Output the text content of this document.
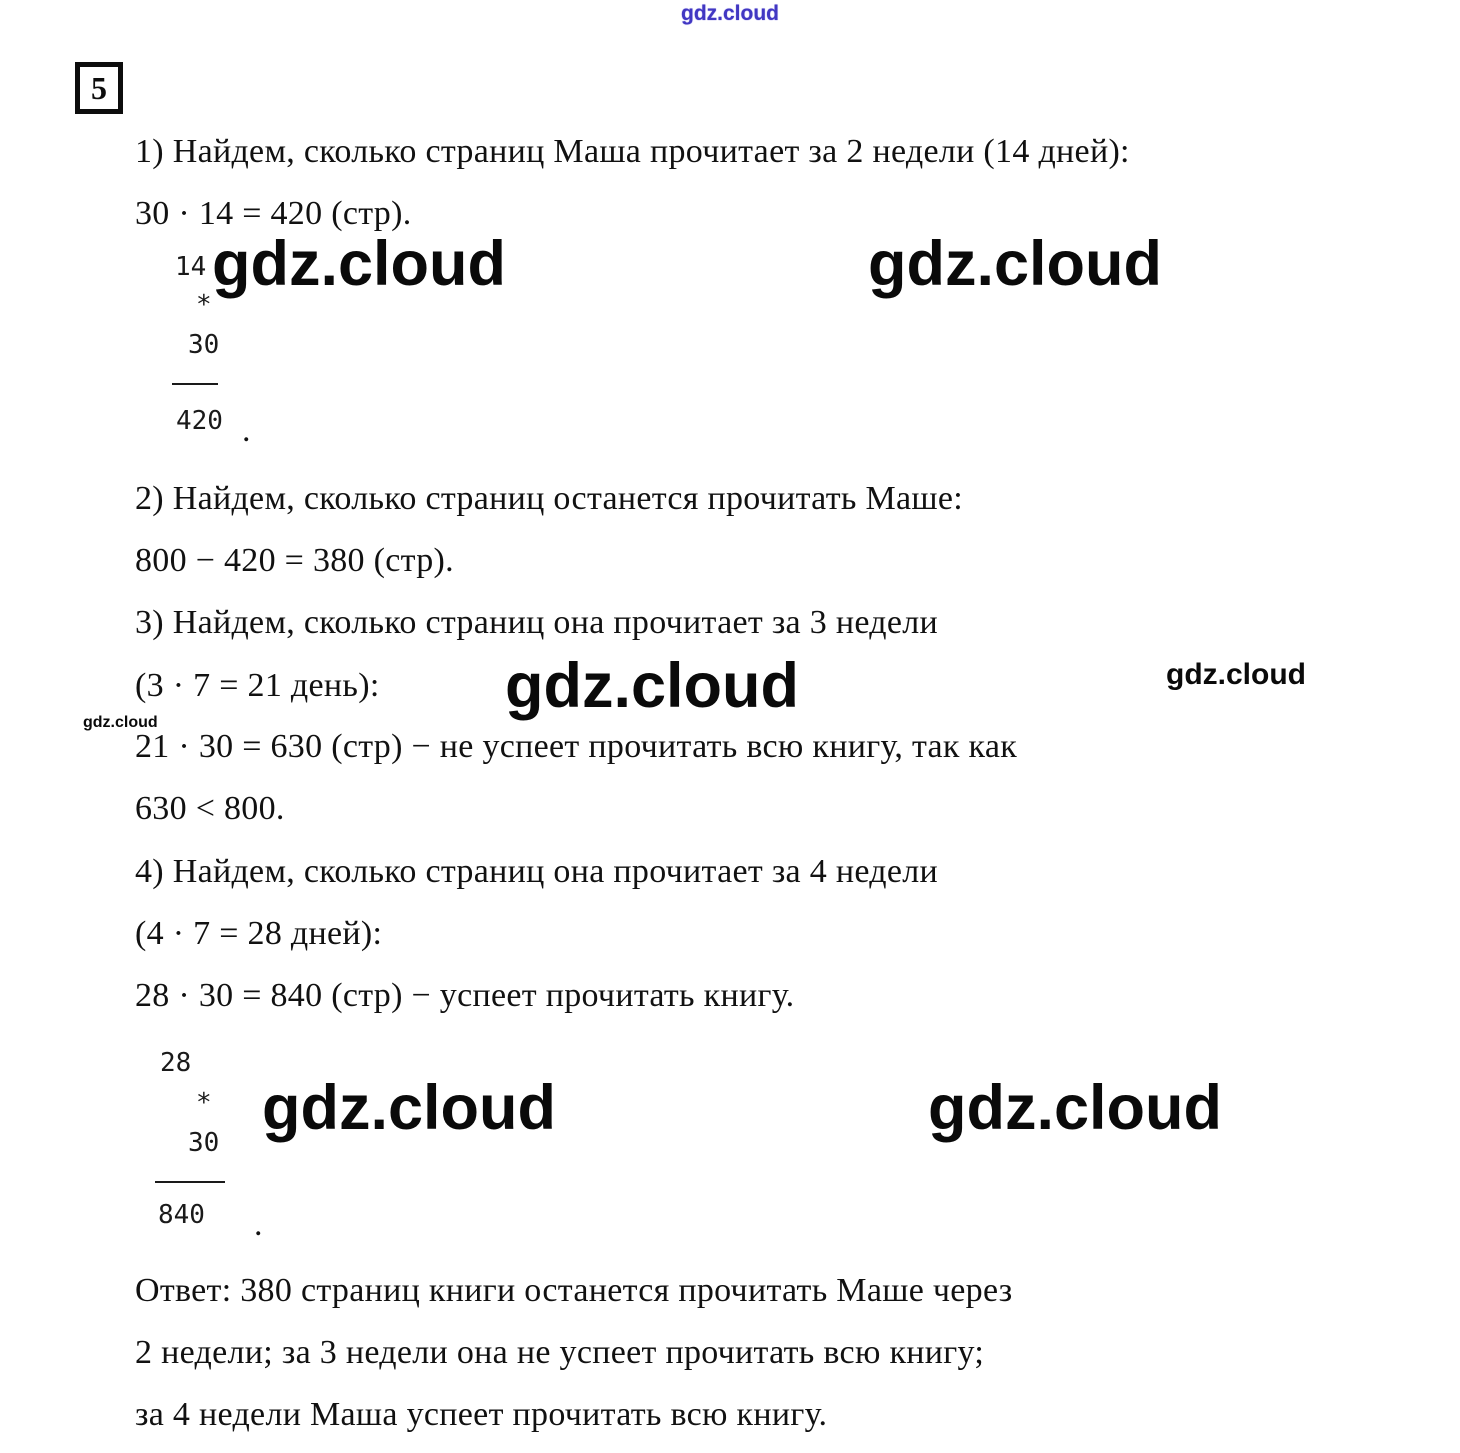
gdz.cloud
5
1) Найдем, сколько страниц Маша прочитает за 2 недели (14 дней):
30 · 14 = 420 (стр).
2) Найдем, сколько страниц останется прочитать Маше:
800 − 420 = 380 (стр).
3) Найдем, сколько страниц она прочитает за 3 недели
(3 · 7 = 21 день):
21 · 30 = 630 (стр) − не успеет прочитать всю книгу, так как
630 < 800.
4) Найдем, сколько страниц она прочитает за 4 недели
(4 · 7 = 28 дней):
28 · 30 = 840 (стр) − успеет прочитать книгу.
14
*
30
420 .
28
*
30
840 .
Ответ: 380 страниц книги останется прочитать Маше через
2 недели; за 3 недели она не успеет прочитать всю книгу;
за 4 недели Маша успеет прочитать всю книгу.
gdz.cloud	gdz.cloud
gdz.cloud	gdz.cloud
gdz.cloud
gdz.cloud	gdz.cloud
